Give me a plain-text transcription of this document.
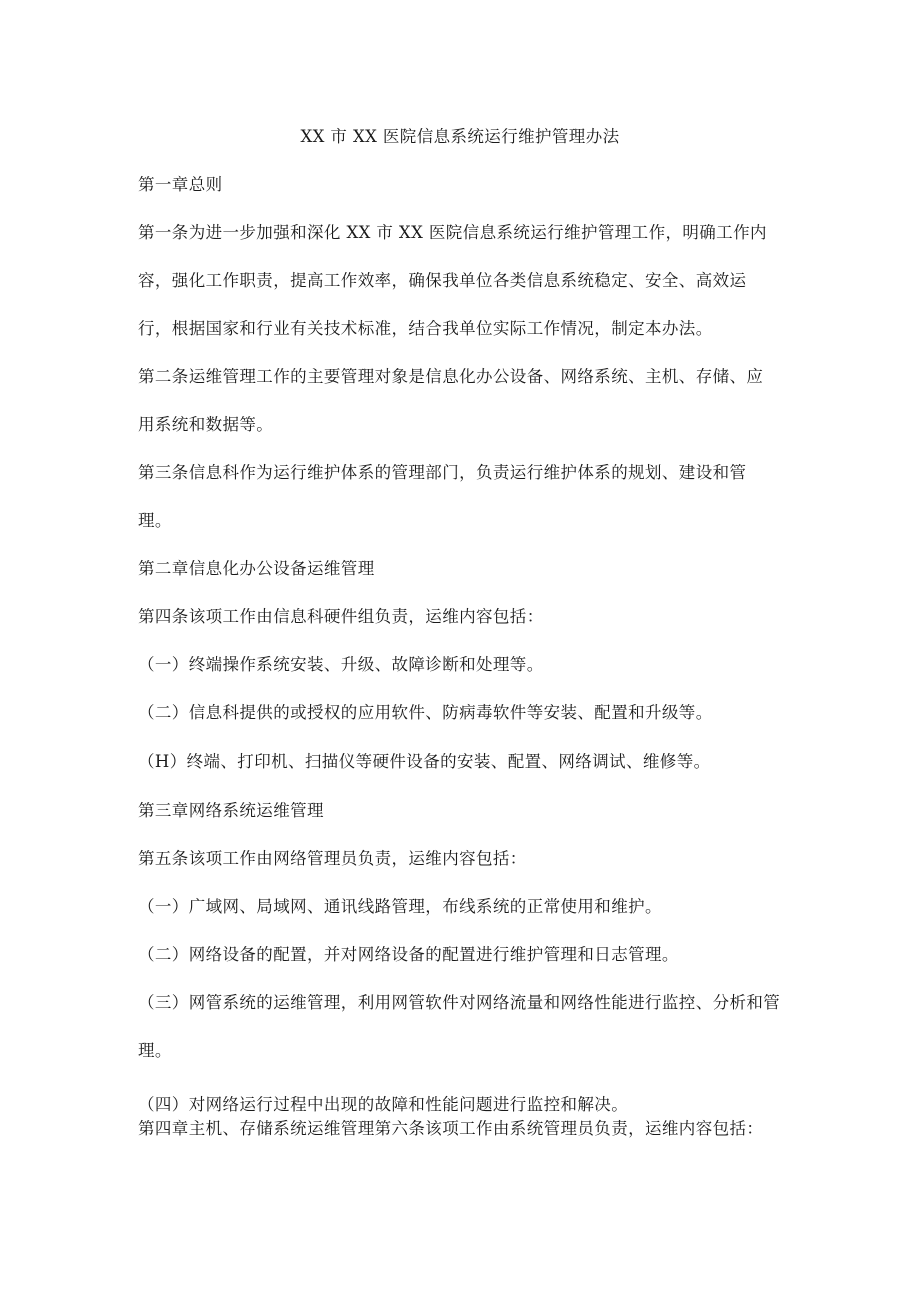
XX 市 XX 医院信息系统运行维护管理办法
第一章总则
第一条为进一步加强和深化 XX 市 XX 医院信息系统运行维护管理工作，明确工作内
容，强化工作职责，提高工作效率，确保我单位各类信息系统稳定、安全、高效运
行，根据国家和行业有关技术标准，结合我单位实际工作情况，制定本办法。
第二条运维管理工作的主要管理对象是信息化办公设备、网络系统、主机、存储、应
用系统和数据等。
第三条信息科作为运行维护体系的管理部门，负责运行维护体系的规划、建设和管
理。
第二章信息化办公设备运维管理
第四条该项工作由信息科硬件组负责，运维内容包括：
（一）终端操作系统安装、升级、故障诊断和处理等。
（二）信息科提供的或授权的应用软件、防病毒软件等安装、配置和升级等。
（H）终端、打印机、扫描仪等硬件设备的安装、配置、网络调试、维修等。
第三章网络系统运维管理
第五条该项工作由网络管理员负责，运维内容包括：
（一）广域网、局域网、通讯线路管理，布线系统的正常使用和维护。
（二）网络设备的配置，并对网络设备的配置进行维护管理和日志管理。
（三）网管系统的运维管理，利用网管软件对网络流量和网络性能进行监控、分析和管
理。
（四）对网络运行过程中出现的故障和性能问题进行监控和解决。
第四章主机、存储系统运维管理第六条该项工作由系统管理员负责，运维内容包括：
